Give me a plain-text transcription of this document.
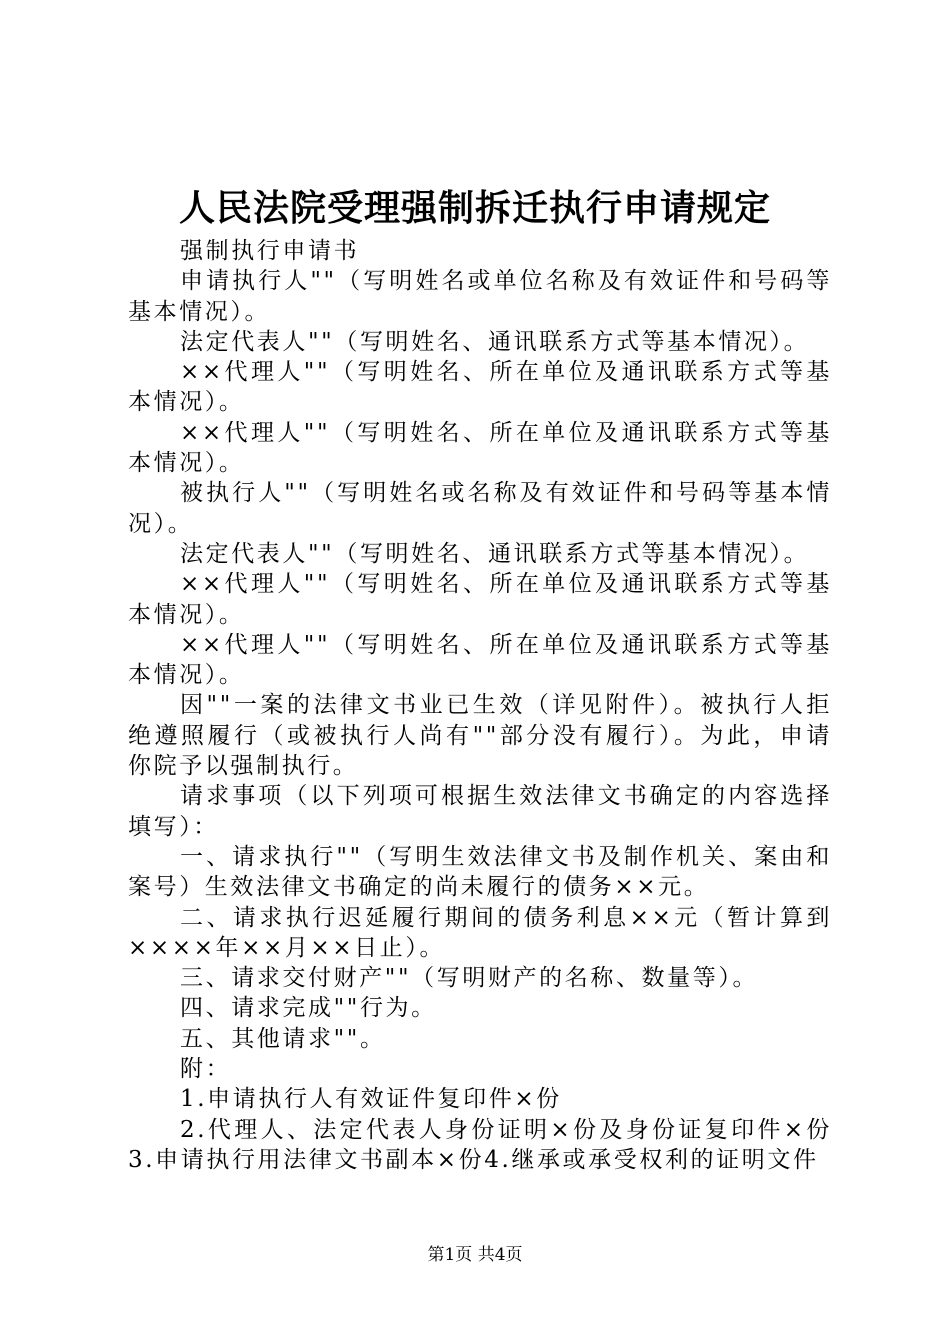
人民法院受理强制拆迁执行申请规定

强制执行申请书

申请执行人""（写明姓名或单位名称及有效证件和号码等基本情况）。

法定代表人""（写明姓名、通讯联系方式等基本情况）。

××代理人""（写明姓名、所在单位及通讯联系方式等基本情况）。

××代理人""（写明姓名、所在单位及通讯联系方式等基本情况）。

被执行人""（写明姓名或名称及有效证件和号码等基本情况）。

法定代表人""（写明姓名、通讯联系方式等基本情况）。

××代理人""（写明姓名、所在单位及通讯联系方式等基本情况）。

××代理人""（写明姓名、所在单位及通讯联系方式等基本情况）。

因""一案的法律文书业已生效（详见附件）。被执行人拒绝遵照履行（或被执行人尚有""部分没有履行）。为此，申请你院予以强制执行。

请求事项（以下列项可根据生效法律文书确定的内容选择填写）：

一、请求执行""（写明生效法律文书及制作机关、案由和案号）生效法律文书确定的尚未履行的债务××元。

二、请求执行迟延履行期间的债务利息××元（暂计算到××××年××月××日止）。

三、请求交付财产""（写明财产的名称、数量等）。

四、请求完成""行为。

五、其他请求""。

附：

1.申请执行人有效证件复印件×份

2.代理人、法定代表人身份证明×份及身份证复印件×份3.申请执行用法律文书副本×份4.继承或承受权利的证明文件

第1页 共4页
